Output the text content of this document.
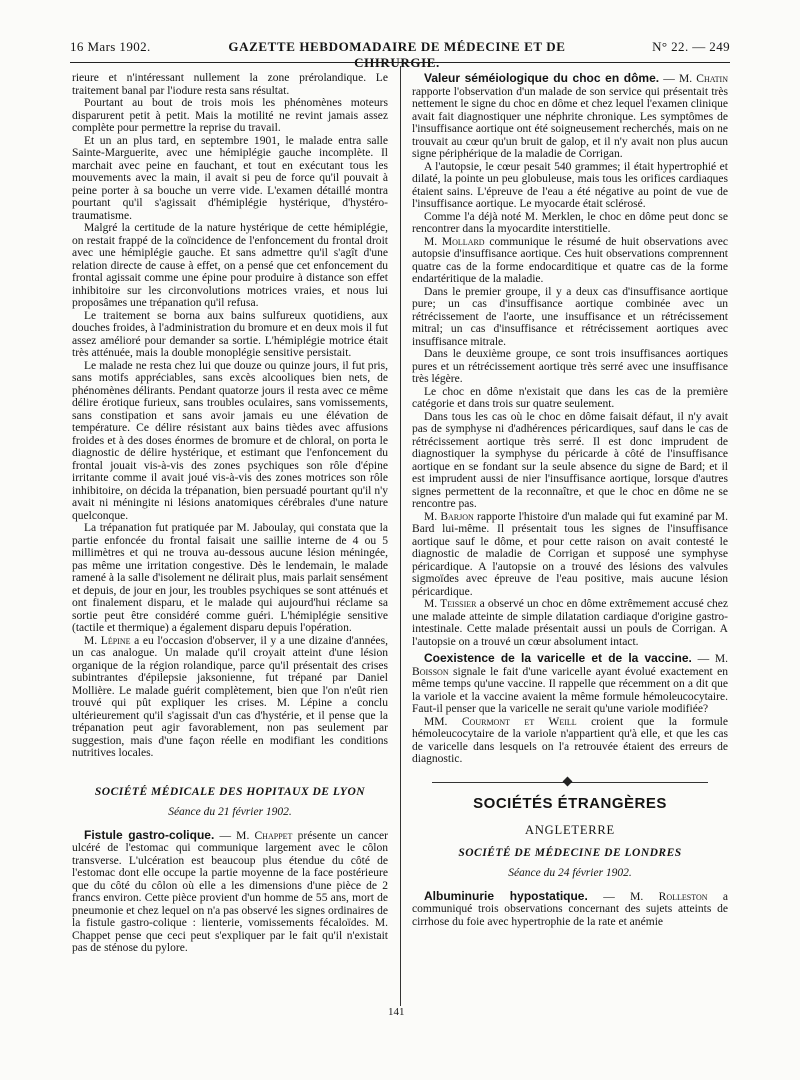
16 Mars 1902.	GAZETTE HEBDOMADAIRE DE MÉDECINE ET DE CHIRURGIE.
N° 22. — 249

rieure et n'intéressant nullement la zone prérolandique. Le traitement banal par l'iodure resta sans résultat.

Pourtant au bout de trois mois les phénomènes moteurs disparurent petit à petit. Mais la motilité ne revint jamais assez complète pour permettre la reprise du travail.

Et un an plus tard, en septembre 1901, le malade entra salle Sainte-Marguerite, avec une hémiplégie gauche incomplète. Il marchait avec peine en fauchant, et tout en exécutant tous les mouvements avec la main, il avait si peu de force qu'il pouvait à peine porter à sa bouche un verre vide. L'examen détaillé montra pourtant qu'il s'agissait d'hémiplégie hystérique, d'hystéro-traumatisme.

Malgré la certitude de la nature hystérique de cette hémiplégie, on restait frappé de la coïncidence de l'enfoncement du frontal droit avec une hémiplégie gauche. Et sans admettre qu'il s'agît d'une relation directe de cause à effet, on a pensé que cet enfoncement du frontal agissait comme une épine pour produire à distance son effet inhibitoire sur les circonvolutions motrices vraies, et nous lui proposâmes une trépanation qu'il refusa.

Le traitement se borna aux bains sulfureux quotidiens, aux douches froides, à l'administration du bromure et en deux mois il fut assez amélioré pour demander sa sortie. L'hémiplégie motrice était très atténuée, mais la double monoplégie sensitive persistait.

Le malade ne resta chez lui que douze ou quinze jours, il fut pris, sans motifs appréciables, sans excès alcooliques bien nets, de phénomènes délirants. Pendant quatorze jours il resta avec ce même délire érotique furieux, sans troubles oculaires, sans vomissements, sans constipation et sans avoir jamais eu une élévation de température. Ce délire résistant aux bains tièdes avec affusions froides et à des doses énormes de bromure et de chloral, on porta le diagnostic de délire hystérique, et estimant que l'enfoncement du frontal jouait vis-à-vis des zones psychiques son rôle d'épine irritante comme il avait joué vis-à-vis des zones motrices son rôle inhibitoire, on décida la trépanation, bien persuadé pourtant qu'il n'y avait ni méningite ni lésions anatomiques cérébrales d'une nature quelconque.

La trépanation fut pratiquée par M. Jaboulay, qui constata que la partie enfoncée du frontal faisait une saillie interne de 4 ou 5 millimètres et qui ne trouva au-dessous aucune lésion méningée, pas même une irritation congestive. Dès le lendemain, le malade ramené à la salle d'isolement ne délirait plus, mais parlait sensément et depuis, de jour en jour, les troubles psychiques se sont atténués et ont finalement disparu, et le malade qui aujourd'hui réclame sa sortie peut être considéré comme guéri. L'hémiplégie sensitive (tactile et thermique) a également disparu depuis l'opération.

M. Lépine a eu l'occasion d'observer, il y a une dizaine d'années, un cas analogue. Un malade qu'il croyait atteint d'une lésion organique de la région rolandique, parce qu'il présentait des crises subintrantes d'épilepsie jaksonienne, fut trépané par Daniel Mollière. Le malade guérit complètement, bien que l'on n'eût rien trouvé qui pût expliquer les crises. M. Lépine a conclu ultérieurement qu'il s'agissait d'un cas d'hystérie, et il pense que la trépanation peut agir favorablement, non pas seulement par suggestion, mais d'une façon réelle en modifiant les conditions nutritives locales.

SOCIÉTÉ MÉDICALE DES HOPITAUX DE LYON
Séance du 21 février 1902.

Fistule gastro-colique. — M. Chappet présente un cancer ulcéré de l'estomac qui communique largement avec le côlon transverse. L'ulcération est beaucoup plus étendue du côté de l'estomac dont elle occupe la partie moyenne de la face postérieure que du côté du côlon où elle a les dimensions d'une pièce de 2 francs environ. Cette pièce provient d'un homme de 55 ans, mort de pneumonie et chez lequel on n'a pas observé les signes ordinaires de la fistule gastro-colique : lienterie, vomissements fécaloïdes. M. Chappet pense que ceci peut s'expliquer par le fait qu'il n'existait pas de sténose du pylore.

Valeur séméiologique du choc en dôme. — M. Chatin rapporte l'observation d'un malade de son service qui présentait très nettement le signe du choc en dôme et chez lequel l'examen clinique avait fait diagnostiquer une néphrite chronique. Les symptômes de l'insuffisance aortique ont été soigneusement recherchés, mais on ne trouvait au cœur qu'un bruit de galop, et il n'y avait non plus aucun signe périphérique de la maladie de Corrigan.

A l'autopsie, le cœur pesait 540 grammes; il était hypertrophié et dilaté, la pointe un peu globuleuse, mais tous les orifices cardiaques étaient sains. L'épreuve de l'eau a été négative au point de vue de l'insuffisance aortique. Le myocarde était sclérosé.

Comme l'a déjà noté M. Merklen, le choc en dôme peut donc se rencontrer dans la myocardite interstitielle.

M. Mollard communique le résumé de huit observations avec autopsie d'insuffisance aortique. Ces huit observations comprennent quatre cas de la forme endocarditique et quatre cas de la forme endartéritique de la maladie.

Dans le premier groupe, il y a deux cas d'insuffisance aortique pure; un cas d'insuffisance aortique combinée avec un rétrécissement de l'aorte, une insuffisance et un rétrécissement mitral; un cas d'insuffisance et rétrécissement aortiques avec insuffisance mitrale.

Dans le deuxième groupe, ce sont trois insuffisances aortiques pures et un rétrécissement aortique très serré avec une insuffisance très légère.

Le choc en dôme n'existait que dans les cas de la première catégorie et dans trois sur quatre seulement.

Dans tous les cas où le choc en dôme faisait défaut, il n'y avait pas de symphyse ni d'adhérences péricardiques, sauf dans le cas de rétrécissement aortique très serré. Il est donc imprudent de diagnostiquer la symphyse du péricarde à côté de l'insuffisance aortique en se fondant sur la seule absence du signe de Bard; et il est imprudent aussi de nier l'insuffisance aortique, lorsque d'autres signes permettent de la reconnaître, et que le choc en dôme ne se rencontre pas.

M. Barjon rapporte l'histoire d'un malade qui fut examiné par M. Bard lui-même. Il présentait tous les signes de l'insuffisance aortique sauf le dôme, et pour cette raison on avait contesté le diagnostic de maladie de Corrigan et supposé une symphyse péricardique. A l'autopsie on a trouvé des lésions des valvules sigmoïdes avec épreuve de l'eau positive, mais aucune lésion péricardique.

M. Teissier a observé un choc en dôme extrêmement accusé chez une malade atteinte de simple dilatation cardiaque d'origine gastro-intestinale. Cette malade présentait aussi un pouls de Corrigan. A l'autopsie on a trouvé un cœur absolument intact.

Coexistence de la varicelle et de la vaccine. — M. Boisson signale le fait d'une varicelle ayant évolué exactement en même temps qu'une vaccine. Il rappelle que récemment on a dit que la variole et la vaccine avaient la même formule hémoleucocytaire. Faut-il penser que la varicelle ne serait qu'une variole modifiée?

MM. Courmont et Weill croient que la formule hémoleucocytaire de la variole n'appartient qu'à elle, et que les cas de varicelle dans lesquels on l'a retrouvée étaient des erreurs de diagnostic.

SOCIÉTÉS ÉTRANGÈRES
ANGLETERRE
SOCIÉTÉ DE MÉDECINE DE LONDRES
Séance du 24 février 1902.

Albuminurie hypostatique. — M. Rolleston a communiqué trois observations concernant des sujets atteints de cirrhose du foie avec hypertrophie de la rate et anémie

141
